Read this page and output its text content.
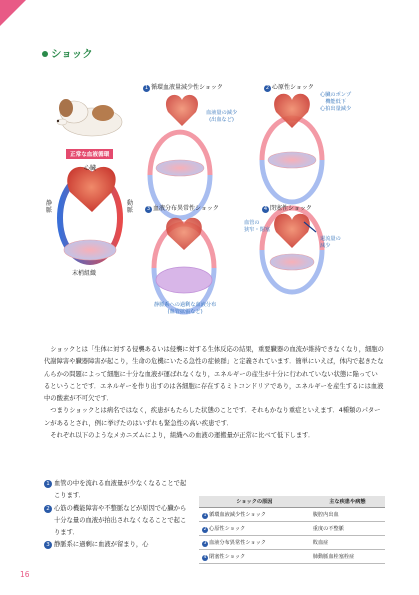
ショック
1 循環血液量減少性ショック	2 心原性ショック
3 血液分布異常性ショック	4 閉塞性ショック
血液量の減少
(出血など)
心臓のポンプ
機能低下
心拍出量減少
静脈系への過剰な血液分布
(血管拡張など)
血管の
狭窄・閉塞
還流量の
減少
正常な血液循環
心臓
静脈
動脈
末梢組織

ショックとは「生体に対する侵襲あるいは侵襲に対する生体反応の結果，重要臓器の血流が維持できなくなり，細胞の代謝障害や臓器障害が起こり，生命の危機にいたる急性の症候群」と定義されています．簡単にいえば，体内で起きたなんらかの問題によって細胞に十分な血液が運ばれなくなり，エネルギーの産生が十分に行われていない状態に陥っているということです．エネルギーを作り出すのは各細胞に存在するミトコンドリアであり，エネルギーを産生するには血液中の酸素が不可欠です．

つまりショックとは病名ではなく，疾患がもたらした状態のことです．それもかなり重症といえます．4種類のパターンがあるとされ，例に挙げたのはいずれも緊急性の高い疾患です．

それぞれ以下のようなメカニズムにより，組織への血液の運搬量が正常に比べて低下します．

1 血管の中を流れる血液量が少なくなることで起こります．
2 心筋の機能障害や不整脈などが原因で心臓から十分な量の血液が拍出されなくなることで起こります．
3 静脈系に過剰に血液が留まり，心
ショックの原因	主な疾患や病態
1 循環血液減少性ショック	腹腔内出血
2 心原性ショック	重度の不整脈
3 血液分布異常性ショック	敗血症
4 閉塞性ショック	肺動脈血栓塞栓症
16
